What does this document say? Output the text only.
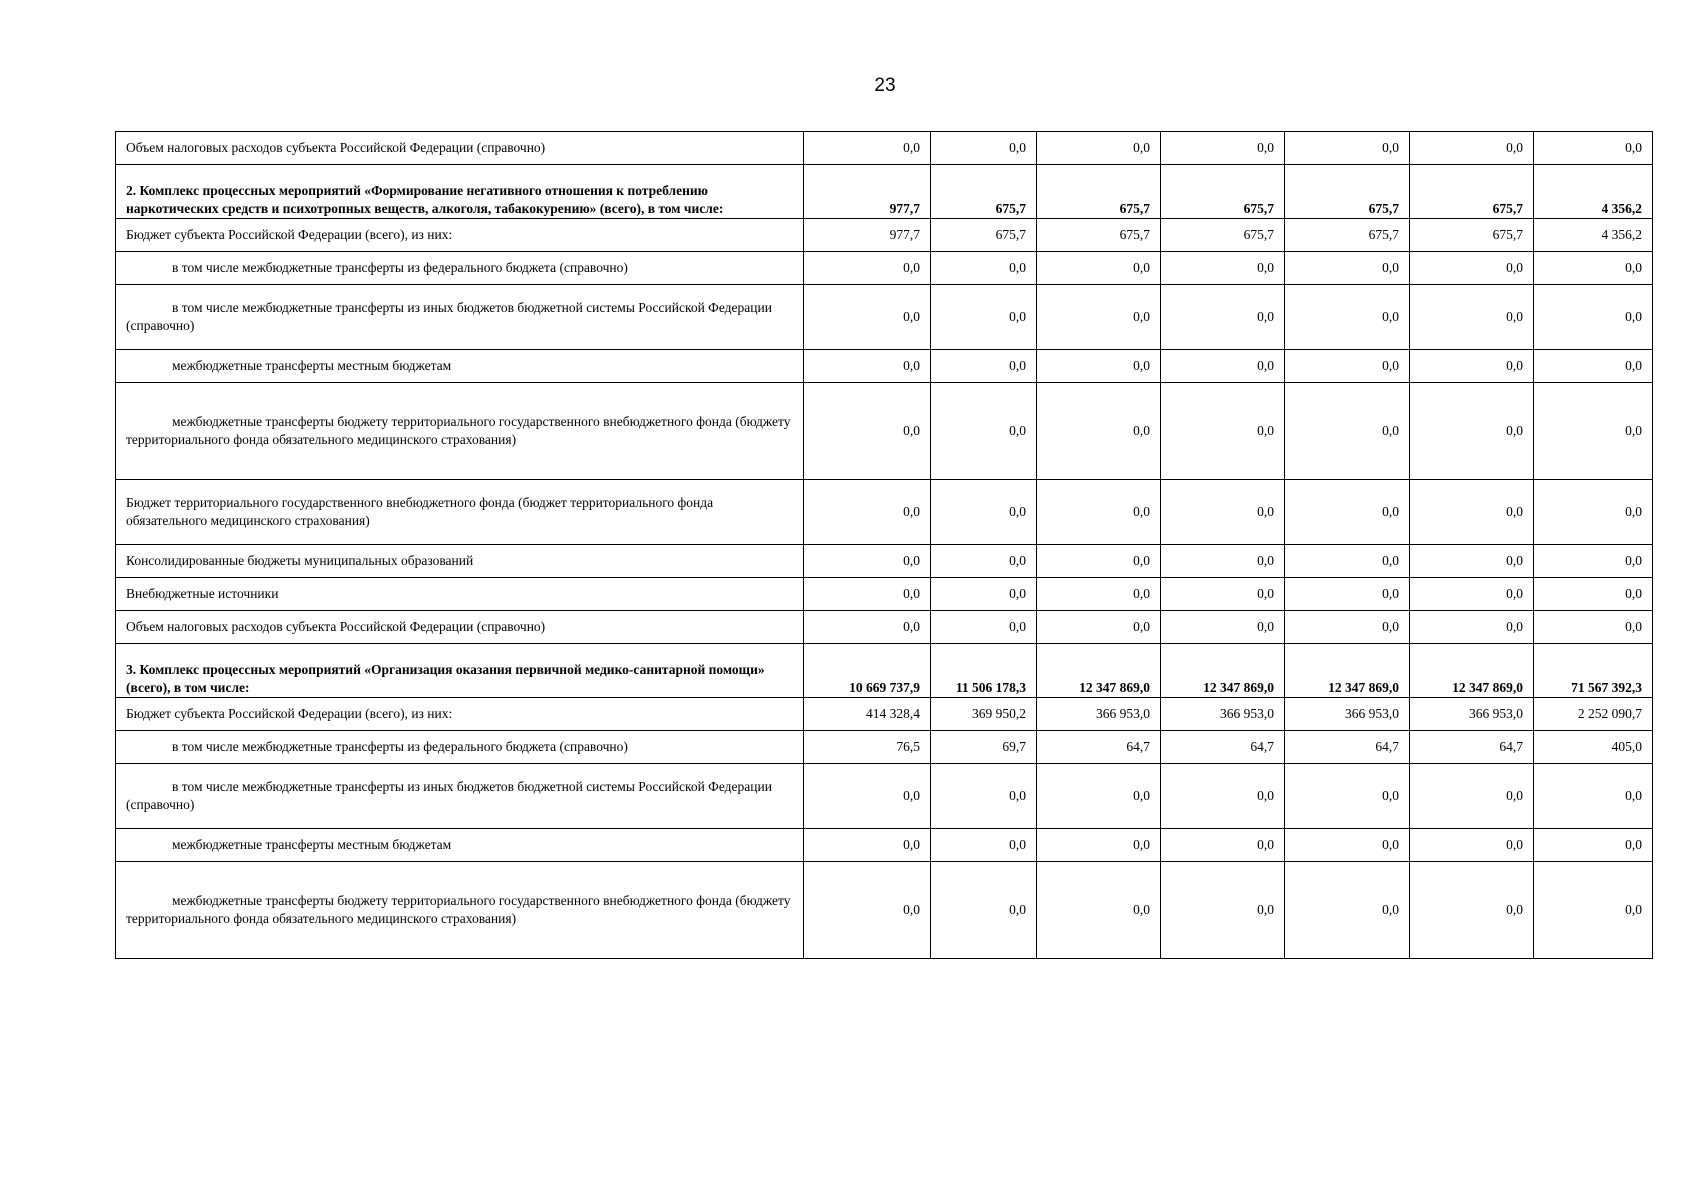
23
Объем налоговых расходов субъекта Российской Федерации (справочно)	0,0	0,0	0,0	0,0	0,0	0,0	0,0
2. Комплекс процессных мероприятий «Формирование негативного отношения к потреблению наркотических средств и психотропных веществ, алкоголя, табакокурению» (всего), в том числе:	977,7	675,7	675,7	675,7	675,7	675,7	4 356,2
Бюджет субъекта Российской Федерации (всего), из них:	977,7	675,7	675,7	675,7	675,7	675,7	4 356,2
в том числе межбюджетные трансферты из федерального бюджета (справочно)	0,0	0,0	0,0	0,0	0,0	0,0	0,0
в том числе межбюджетные трансферты из иных бюджетов бюджетной системы Российской Федерации (справочно)	0,0	0,0	0,0	0,0	0,0	0,0	0,0
межбюджетные трансферты местным бюджетам	0,0	0,0	0,0	0,0	0,0	0,0	0,0
межбюджетные трансферты бюджету территориального государственного внебюджетного фонда (бюджету территориального фонда обязательного медицинского страхования)	0,0	0,0	0,0	0,0	0,0	0,0	0,0
Бюджет территориального государственного внебюджетного фонда (бюджет территориального фонда обязательного медицинского страхования)	0,0	0,0	0,0	0,0	0,0	0,0	0,0
Консолидированные бюджеты муниципальных образований	0,0	0,0	0,0	0,0	0,0	0,0	0,0
Внебюджетные источники	0,0	0,0	0,0	0,0	0,0	0,0	0,0
Объем налоговых расходов субъекта Российской Федерации (справочно)	0,0	0,0	0,0	0,0	0,0	0,0	0,0
3. Комплекс процессных мероприятий «Организация оказания первичной медико-санитарной помощи» (всего), в том числе:	10 669 737,9	11 506 178,3	12 347 869,0	12 347 869,0	12 347 869,0	12 347 869,0	71 567 392,3
Бюджет субъекта Российской Федерации (всего), из них:	414 328,4	369 950,2	366 953,0	366 953,0	366 953,0	366 953,0	2 252 090,7
в том числе межбюджетные трансферты из федерального бюджета (справочно)	76,5	69,7	64,7	64,7	64,7	64,7	405,0
в том числе межбюджетные трансферты из иных бюджетов бюджетной системы Российской Федерации (справочно)	0,0	0,0	0,0	0,0	0,0	0,0	0,0
межбюджетные трансферты местным бюджетам	0,0	0,0	0,0	0,0	0,0	0,0	0,0
межбюджетные трансферты бюджету территориального государственного внебюджетного фонда (бюджету территориального фонда обязательного медицинского страхования)	0,0	0,0	0,0	0,0	0,0	0,0	0,0
